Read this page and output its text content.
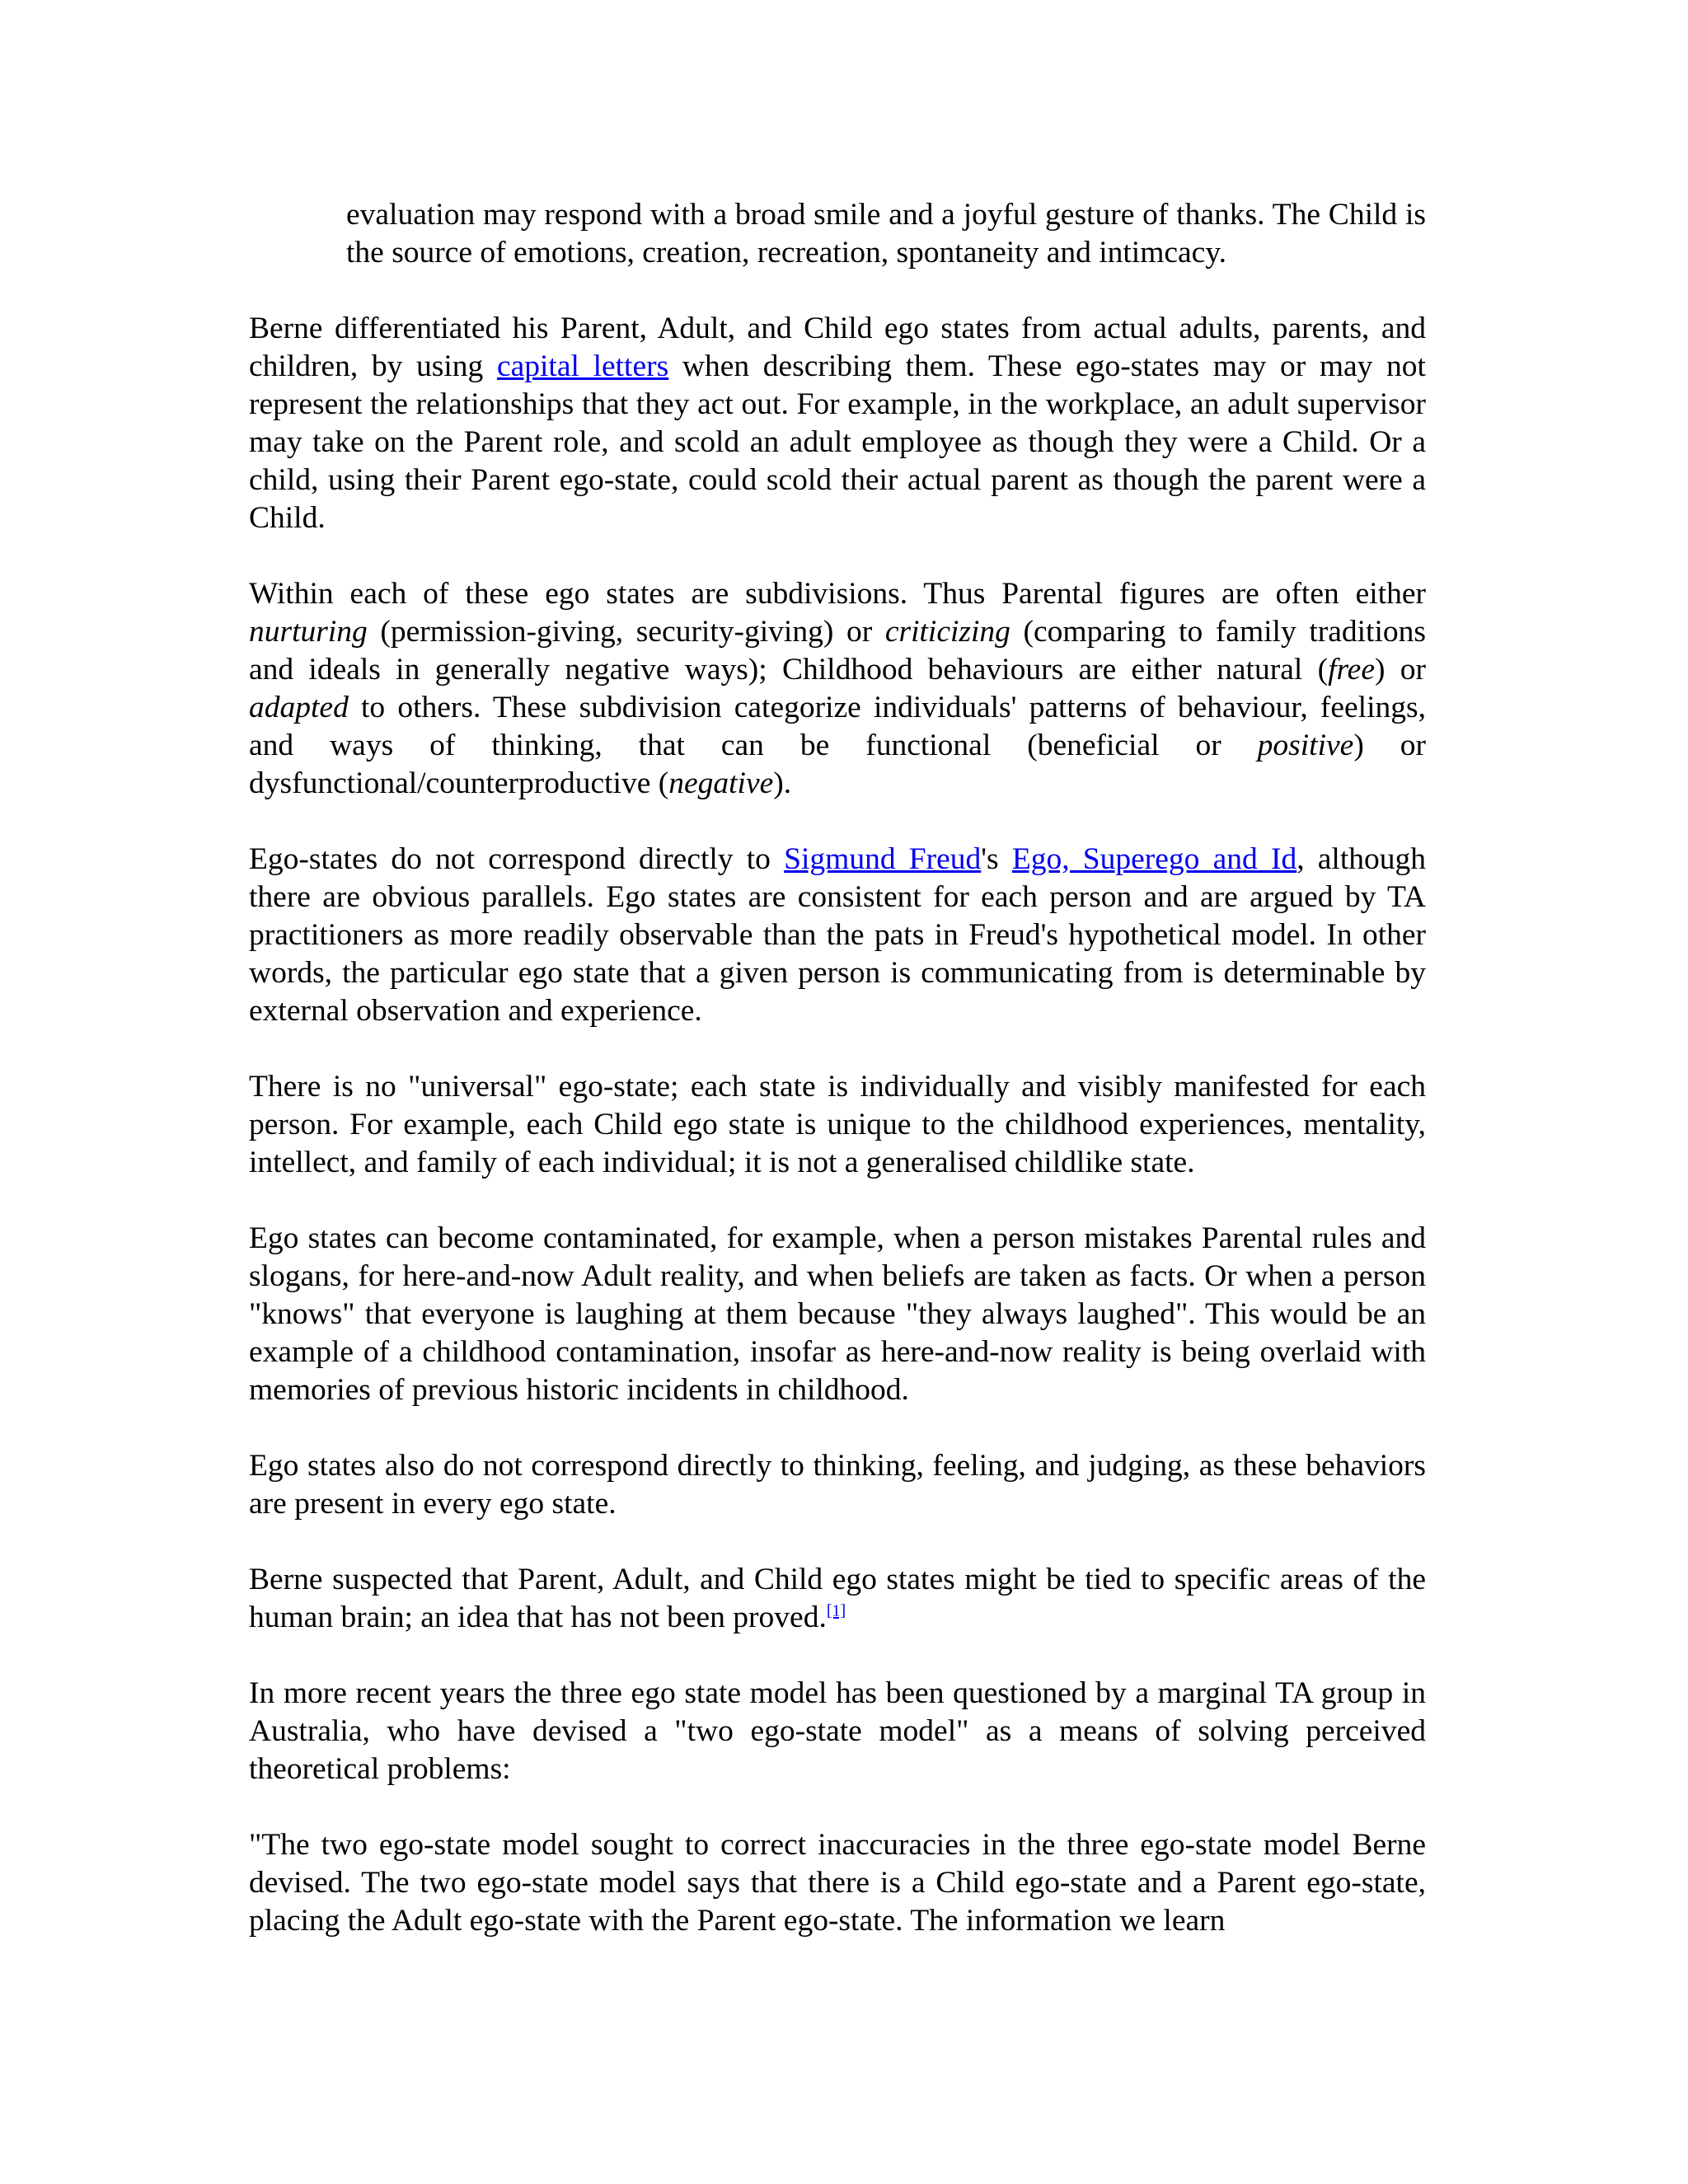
evaluation may respond with a broad smile and a joyful gesture of thanks. The Child is the source of emotions, creation, recreation, spontaneity and intimcacy.

Berne differentiated his Parent, Adult, and Child ego states from actual adults, parents, and children, by using capital letters when describing them. These ego-states may or may not represent the relationships that they act out. For example, in the workplace, an adult supervisor may take on the Parent role, and scold an adult employee as though they were a Child. Or a child, using their Parent ego-state, could scold their actual parent as though the parent were a Child.

Within each of these ego states are subdivisions. Thus Parental figures are often either nurturing (permission-giving, security-giving) or criticizing (comparing to family traditions and ideals in generally negative ways); Childhood behaviours are either natural (free) or adapted to others. These subdivision categorize individuals' patterns of behaviour, feelings, and ways of thinking, that can be functional (beneficial or positive) or dysfunctional/counterproductive (negative).

Ego-states do not correspond directly to Sigmund Freud's Ego, Superego and Id, although there are obvious parallels. Ego states are consistent for each person and are argued by TA practitioners as more readily observable than the pats in Freud's hypothetical model. In other words, the particular ego state that a given person is communicating from is determinable by external observation and experience.

There is no "universal" ego-state; each state is individually and visibly manifested for each person. For example, each Child ego state is unique to the childhood experiences, mentality, intellect, and family of each individual; it is not a generalised childlike state.

Ego states can become contaminated, for example, when a person mistakes Parental rules and slogans, for here-and-now Adult reality, and when beliefs are taken as facts. Or when a person "knows" that everyone is laughing at them because "they always laughed". This would be an example of a childhood contamination, insofar as here-and-now reality is being overlaid with memories of previous historic incidents in childhood.

Ego states also do not correspond directly to thinking, feeling, and judging, as these behaviors are present in every ego state.

Berne suspected that Parent, Adult, and Child ego states might be tied to specific areas of the human brain; an idea that has not been proved.[1]

In more recent years the three ego state model has been questioned by a marginal TA group in Australia, who have devised a "two ego-state model" as a means of solving perceived theoretical problems:

"The two ego-state model sought to correct inaccuracies in the three ego-state model Berne devised. The two ego-state model says that there is a Child ego-state and a Parent ego-state, placing the Adult ego-state with the Parent ego-state. The information we learn
